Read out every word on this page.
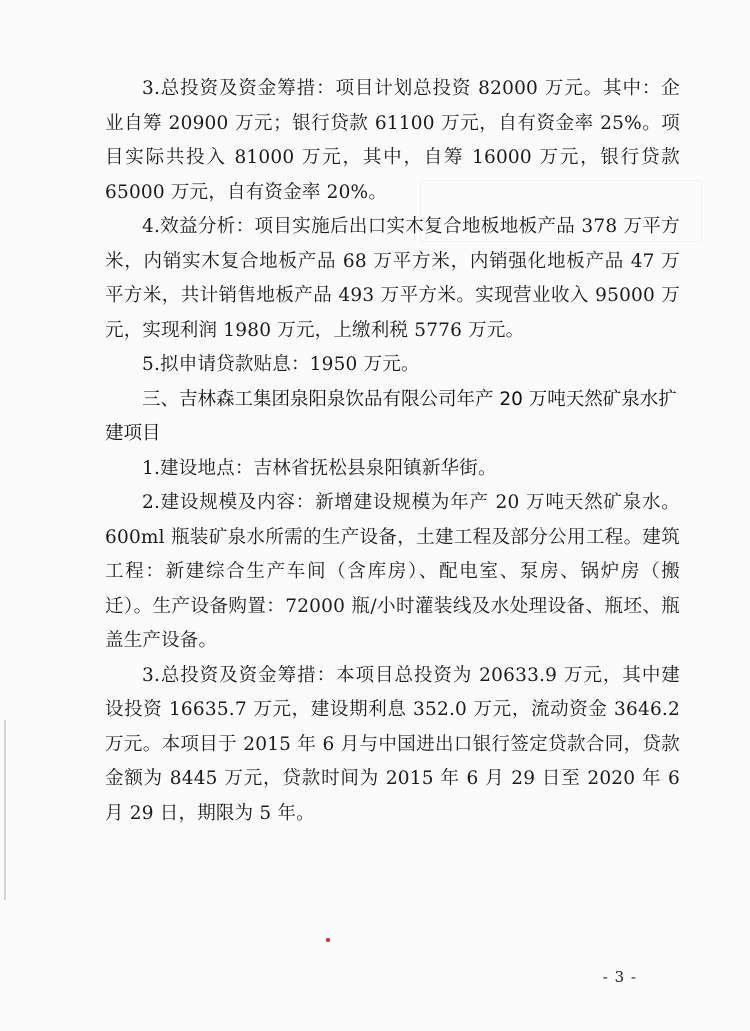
3.总投资及资金筹措：项目计划总投资 82000 万元。其中：企业自筹 20900 万元；银行贷款 61100 万元，自有资金率 25%。项目实际共投入 81000 万元，其中，自筹 16000 万元，银行贷款 65000 万元，自有资金率 20%。

4.效益分析：项目实施后出口实木复合地板地板产品 378 万平方米，内销实木复合地板产品 68 万平方米，内销强化地板产品 47 万平方米，共计销售地板产品 493 万平方米。实现营业收入 95000 万元，实现利润 1980 万元，上缴利税 5776 万元。

5.拟申请贷款贴息：1950 万元。

三、吉林森工集团泉阳泉饮品有限公司年产 20 万吨天然矿泉水扩建项目

1.建设地点：吉林省抚松县泉阳镇新华街。

2.建设规模及内容：新增建设规模为年产 20 万吨天然矿泉水。600ml 瓶装矿泉水所需的生产设备，土建工程及部分公用工程。建筑工程：新建综合生产车间（含库房）、配电室、泵房、锅炉房（搬迁）。生产设备购置：72000 瓶/小时灌装线及水处理设备、瓶坯、瓶盖生产设备。

3.总投资及资金筹措：本项目总投资为 20633.9 万元，其中建设投资 16635.7 万元，建设期利息 352.0 万元，流动资金 3646.2 万元。本项目于 2015 年 6 月与中国进出口银行签定贷款合同，贷款金额为 8445 万元，贷款时间为 2015 年 6 月 29 日至 2020 年 6 月 29 日，期限为 5 年。

- 3 -
